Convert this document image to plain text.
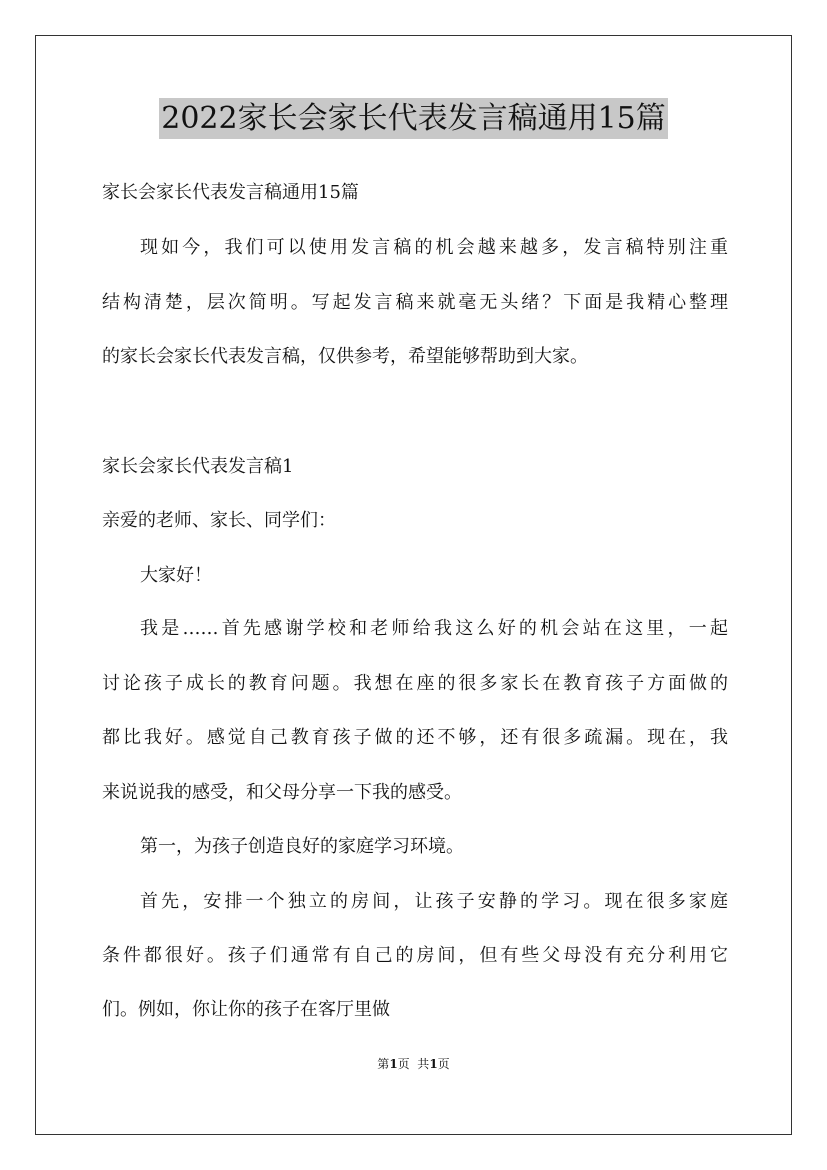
2022家长会家长代表发言稿通用15篇
家长会家长代表发言稿通用15篇
现如今，我们可以使用发言稿的机会越来越多，发言稿特别注重
结构清楚，层次简明。写起发言稿来就毫无头绪？下面是我精心整理
的家长会家长代表发言稿，仅供参考，希望能够帮助到大家。
家长会家长代表发言稿1
亲爱的老师、家长、同学们：
大家好！
我是……首先感谢学校和老师给我这么好的机会站在这里，一起
讨论孩子成长的教育问题。我想在座的很多家长在教育孩子方面做的
都比我好。感觉自己教育孩子做的还不够，还有很多疏漏。现在，我
来说说我的感受，和父母分享一下我的感受。
第一，为孩子创造良好的家庭学习环境。
首先，安排一个独立的房间，让孩子安静的学习。现在很多家庭
条件都很好。孩子们通常有自己的房间，但有些父母没有充分利用它
们。例如，你让你的孩子在客厅里做
第1页  共1页
